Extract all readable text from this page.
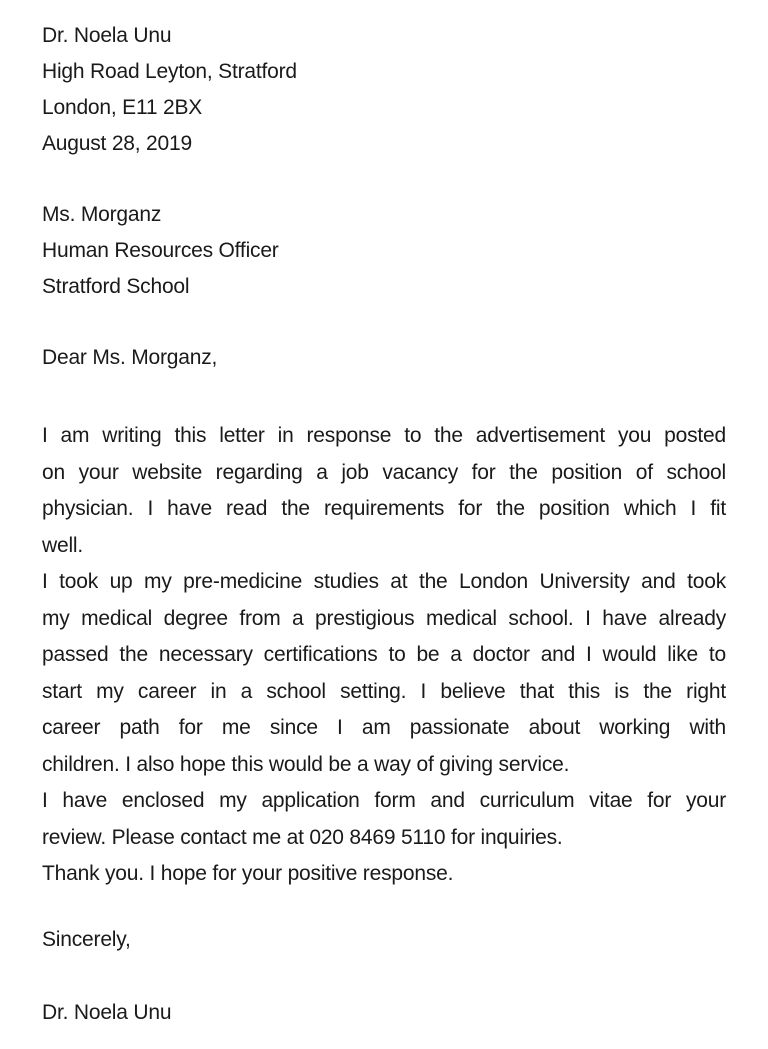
Dr. Noela Unu
High Road Leyton, Stratford
London, E11 2BX
August 28, 2019
Ms. Morganz
Human Resources Officer
Stratford School
Dear Ms. Morganz,
I am writing this letter in response to the advertisement you posted
on your website regarding a job vacancy for the position of school
physician. I have read the requirements for the position which I fit
well.
I took up my pre-medicine studies at the London University and took
my medical degree from a prestigious medical school. I have already
passed the necessary certifications to be a doctor and I would like to
start my career in a school setting. I believe that this is the right
career path for me since I am passionate about working with
children. I also hope this would be a way of giving service.
I have enclosed my application form and curriculum vitae for your
review. Please contact me at 020 8469 5110 for inquiries.
Thank you. I hope for your positive response.
Sincerely,
Dr. Noela Unu
